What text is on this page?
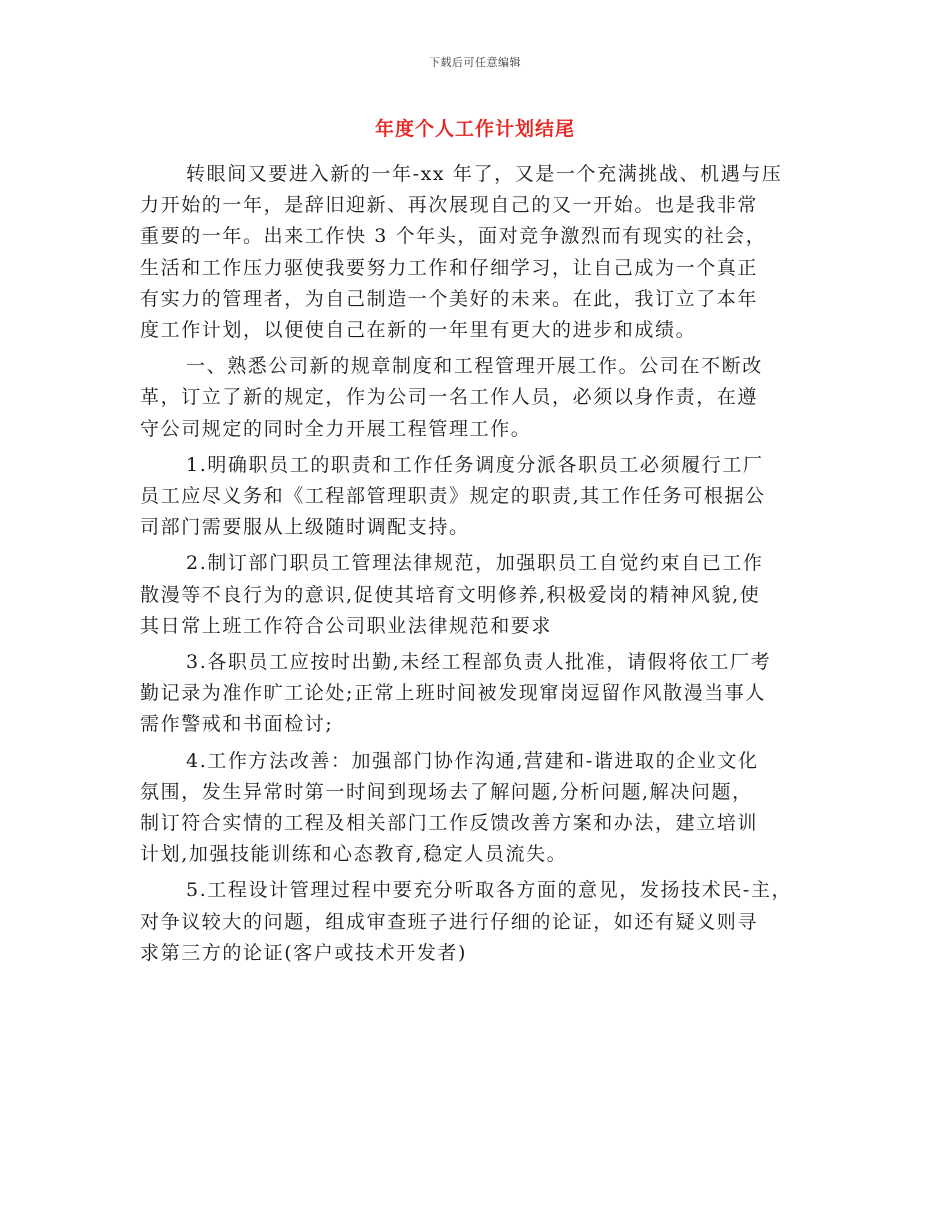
下载后可任意编辑
年度个人工作计划结尾

转眼间又要进入新的一年-xx 年了，又是一个充满挑战、机遇与压
力开始的一年，是辞旧迎新、再次展现自己的又一开始。也是我非常
重要的一年。出来工作快 3 个年头，面对竞争激烈而有现实的社会，
生活和工作压力驱使我要努力工作和仔细学习，让自己成为一个真正
有实力的管理者，为自己制造一个美好的未来。在此，我订立了本年
度工作计划，以便使自己在新的一年里有更大的进步和成绩。

一、熟悉公司新的规章制度和工程管理开展工作。公司在不断改
革，订立了新的规定，作为公司一名工作人员，必须以身作责，在遵
守公司规定的同时全力开展工程管理工作。

1.明确职员工的职责和工作任务调度分派各职员工必须履行工厂
员工应尽义务和《工程部管理职责》规定的职责,其工作任务可根据公
司部门需要服从上级随时调配支持。

2.制订部门职员工管理法律规范，加强职员工自觉约束自已工作
散漫等不良行为的意识,促使其培育文明修养,积极爱岗的精神风貌,使
其日常上班工作符合公司职业法律规范和要求

3.各职员工应按时出勤,未经工程部负责人批准，请假将依工厂考
勤记录为准作旷工论处;正常上班时间被发现窜岗逗留作风散漫当事人
需作警戒和书面检讨;

4.工作方法改善：加强部门协作沟通,营建和-谐进取的企业文化
氛围，发生异常时第一时间到现场去了解问题,分析问题,解决问题，
制订符合实情的工程及相关部门工作反馈改善方案和办法，建立培训
计划,加强技能训练和心态教育,稳定人员流失。

5.工程设计管理过程中要充分听取各方面的意见，发扬技术民-主，
对争议较大的问题，组成审查班子进行仔细的论证，如还有疑义则寻
求第三方的论证(客户或技术开发者)
